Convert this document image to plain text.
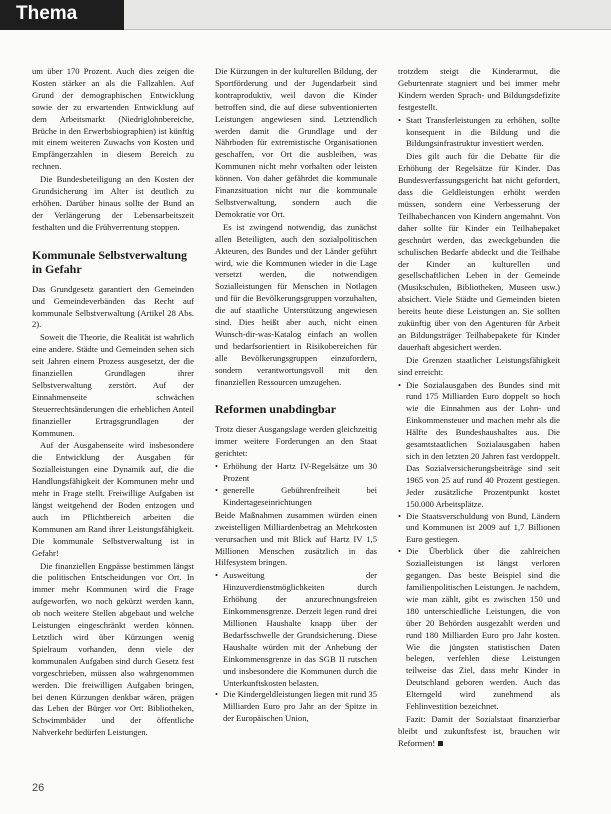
Thema

um über 170 Prozent. Auch dies zeigen die Kosten stärker an als die Fallzahlen. Auf Grund der demographischen Entwicklung sowie der zu erwartenden Entwicklung auf dem Arbeitsmarkt (Niedriglohnbereiche, Brüche in den Erwerbsbiographien) ist künftig mit einem weiteren Zuwachs von Kosten und Empfängerzahlen in diesem Bereich zu rechnen.

Die Bundesbeteiligung an den Kosten der Grundsicherung im Alter ist deutlich zu erhöhen. Darüber hinaus sollte der Bund an der Verlängerung der Lebensarbeitszeit festhalten und die Frühverrentung stoppen.

Kommunale Selbstverwaltung in Gefahr

Das Grundgesetz garantiert den Gemeinden und Gemeindeverbänden das Recht auf kommunale Selbstverwaltung (Artikel 28 Abs. 2).

Soweit die Theorie, die Realität ist wahrlich eine andere. Städte und Gemeinden sehen sich seit Jahren einem Prozess ausgesetzt, der die finanziellen Grundlagen ihrer Selbstverwaltung zerstört. Auf der Einnahmenseite schwächen Steuerrechtsänderungen die erheblichen Anteil finanzieller Ertragsgrundlagen der Kommunen.

Auf der Ausgabenseite wird insbesondere die Entwicklung der Ausgaben für Sozialleistungen eine Dynamik auf, die die Handlungsfähigkeit der Kommunen mehr und mehr in Frage stellt. Freiwillige Aufgaben ist längst weitgehend der Boden entzogen und auch im Pflichtbereich arbeiten die Kommunen am Rand ihrer Leistungsfähigkeit. Die kommunale Selbstverwaltung ist in Gefahr!

Die finanziellen Engpässe bestimmen längst die politischen Entscheidungen vor Ort. In immer mehr Kommunen wird die Frage aufgeworfen, wo noch gekürzt werden kann, ob noch weitere Stellen abgebaut und welche Leistungen eingeschränkt werden können. Letztlich wird über Kürzungen wenig Spielraum vorhanden, denn viele der kommunalen Aufgaben sind durch Gesetz fest vorgeschrieben, müssen also wahrgenommen werden. Die freiwilligen Aufgaben bringen, bei denen Kürzungen denkbar wären, prägen das Leben der Bürger vor Ort: Bibliotheken, Schwimmbäder und der öffentliche Nahverkehr bedürfen Leistungen.

Die Kürzungen in der kulturellen Bildung, der Sportförderung und der Jugendarbeit sind kontraproduktiv, weil davon die Kinder betroffen sind, die auf diese subventionierten Leistungen angewiesen sind. Letztendlich werden damit die Grundlage und der Nährboden für extremistische Organisationen geschaffen, vor Ort die ausbleiben, was Kommunen nicht mehr vorhalten oder leisten können. Von daher gefährdet die kommunale Finanzsituation nicht nur die kommunale Selbstverwaltung, sondern auch die Demokratie vor Ort.

Es ist zwingend notwendig, das zunächst allen Beteiligten, auch den sozialpolitischen Akteuren, des Bundes und der Länder geführt wird, wie die Kommunen wieder in die Lage versetzt werden, die notwendigen Sozialleistungen für Menschen in Notlagen und für die Bevölkerungsgruppen vorzuhalten, die auf staatliche Unterstützung angewiesen sind. Dies heißt aber auch, nicht einen Wunsch-dir-was-Katalog einfach an wollen und bedarfsorientiert in Risikobereichen für alle Bevölkerungsgruppen einzufordern, sondern verantwortungsvoll mit den finanziellen Ressourcen umzugehen.

Reformen unabdingbar

Trotz dieser Ausgangslage werden gleichzeitig immer weitere Forderungen an den Staat gerichtet:

• Erhöhung der Hartz IV-Regelsätze um 30 Prozent
• generelle Gebührenfreiheit bei Kindertageseinrichtungen

Beide Maßnahmen zusammen würden einen zweistelligen Milliardenbetrag an Mehrkosten verursachen und mit Blick auf Hartz IV 1,5 Millionen Menschen zusätzlich in das Hilfesystem bringen.

• Ausweitung der Hinzuverdienstmöglichkeiten durch Erhöhung der anzurechnungsfreien Einkommensgrenze. Derzeit legen rund drei Millionen Haushalte knapp über der Bedarfsschwelle der Grundsicherung. Diese Haushalte würden mit der Anhebung der Einkommensgrenze in das SGB II rutschen und insbesondere die Kommunen durch die Unterkunftskosten belasten.
• Die Kindergeldleistungen liegen mit rund 35 Milliarden Euro pro Jahr an der Spitze in der Europäischen Union,

trotzdem steigt die Kinderarmut, die Geburtenrate stagniert und bei immer mehr Kindern werden Sprach- und Bildungsdefizite festgestellt.

• Statt Transferleistungen zu erhöhen, sollte konsequent in die Bildung und die Bildungsinfrastruktur investiert werden.

Dies gilt auch für die Debatte für die Erhöhung der Regelsätze für Kinder. Das Bundesverfassungsgericht hat nicht gefordert, dass die Geldleistungen erhöht werden müssen, sondern eine Verbesserung der Teilhabechancen von Kindern angemahnt. Von daher sollte für Kinder ein Teilhabepaket geschnürt werden, das zweckgebunden die schulischen Bedarfe abdeckt und die Teilhabe der Kinder an kulturellen und gesellschaftlichen Leben in der Gemeinde (Musikschulen, Bibliotheken, Museen usw.) absichert. Viele Städte und Gemeinden bieten bereits heute diese Leistungen an. Sie sollten zukünftig über von den Agenturen für Arbeit an Bildungsträger Teilhabepakete für Kinder dauerhaft abgesichert werden.

Die Grenzen staatlicher Leistungsfähigkeit sind erreicht:

• Die Sozialausgaben des Bundes sind mit rund 175 Milliarden Euro doppelt so hoch wie die Einnahmen aus der Lohn- und Einkommensteuer und machen mehr als die Hälfte des Bundeshaushaltes aus. Die gesamtstaatlichen Sozialausgaben haben sich in den letzten 20 Jahren fast verdoppelt. Das Sozialversicherungsbeiträge sind seit 1965 von 25 auf rund 40 Prozent gestiegen. Jeder zusätzliche Prozentpunkt kostet 150.000 Arbeitsplätze.
• Die Staatsverschuldung von Bund, Ländern und Kommunen ist 2009 auf 1,7 Billionen Euro gestiegen.
• Die Überblick über die zahlreichen Sozialleistungen ist längst verloren gegangen. Das beste Beispiel sind die familienpolitischen Leistungen. Je nachdem, wie man zählt, gibt es zwischen 150 und 180 unterschiedliche Leistungen, die von über 20 Behörden ausgezahlt werden und rund 180 Milliarden Euro pro Jahr kosten. Wie die jüngsten statistischen Daten belegen, verfehlen diese Leistungen teilweise das Ziel, dass mehr Kinder in Deutschland geboren werden. Auch das Elterngeld wird zunehmend als Fehlinvestition bezeichnet.

Fazit: Damit der Sozialstaat finanzierbar bleibt und zukunftsfest ist, brauchen wir Reformen!

26
